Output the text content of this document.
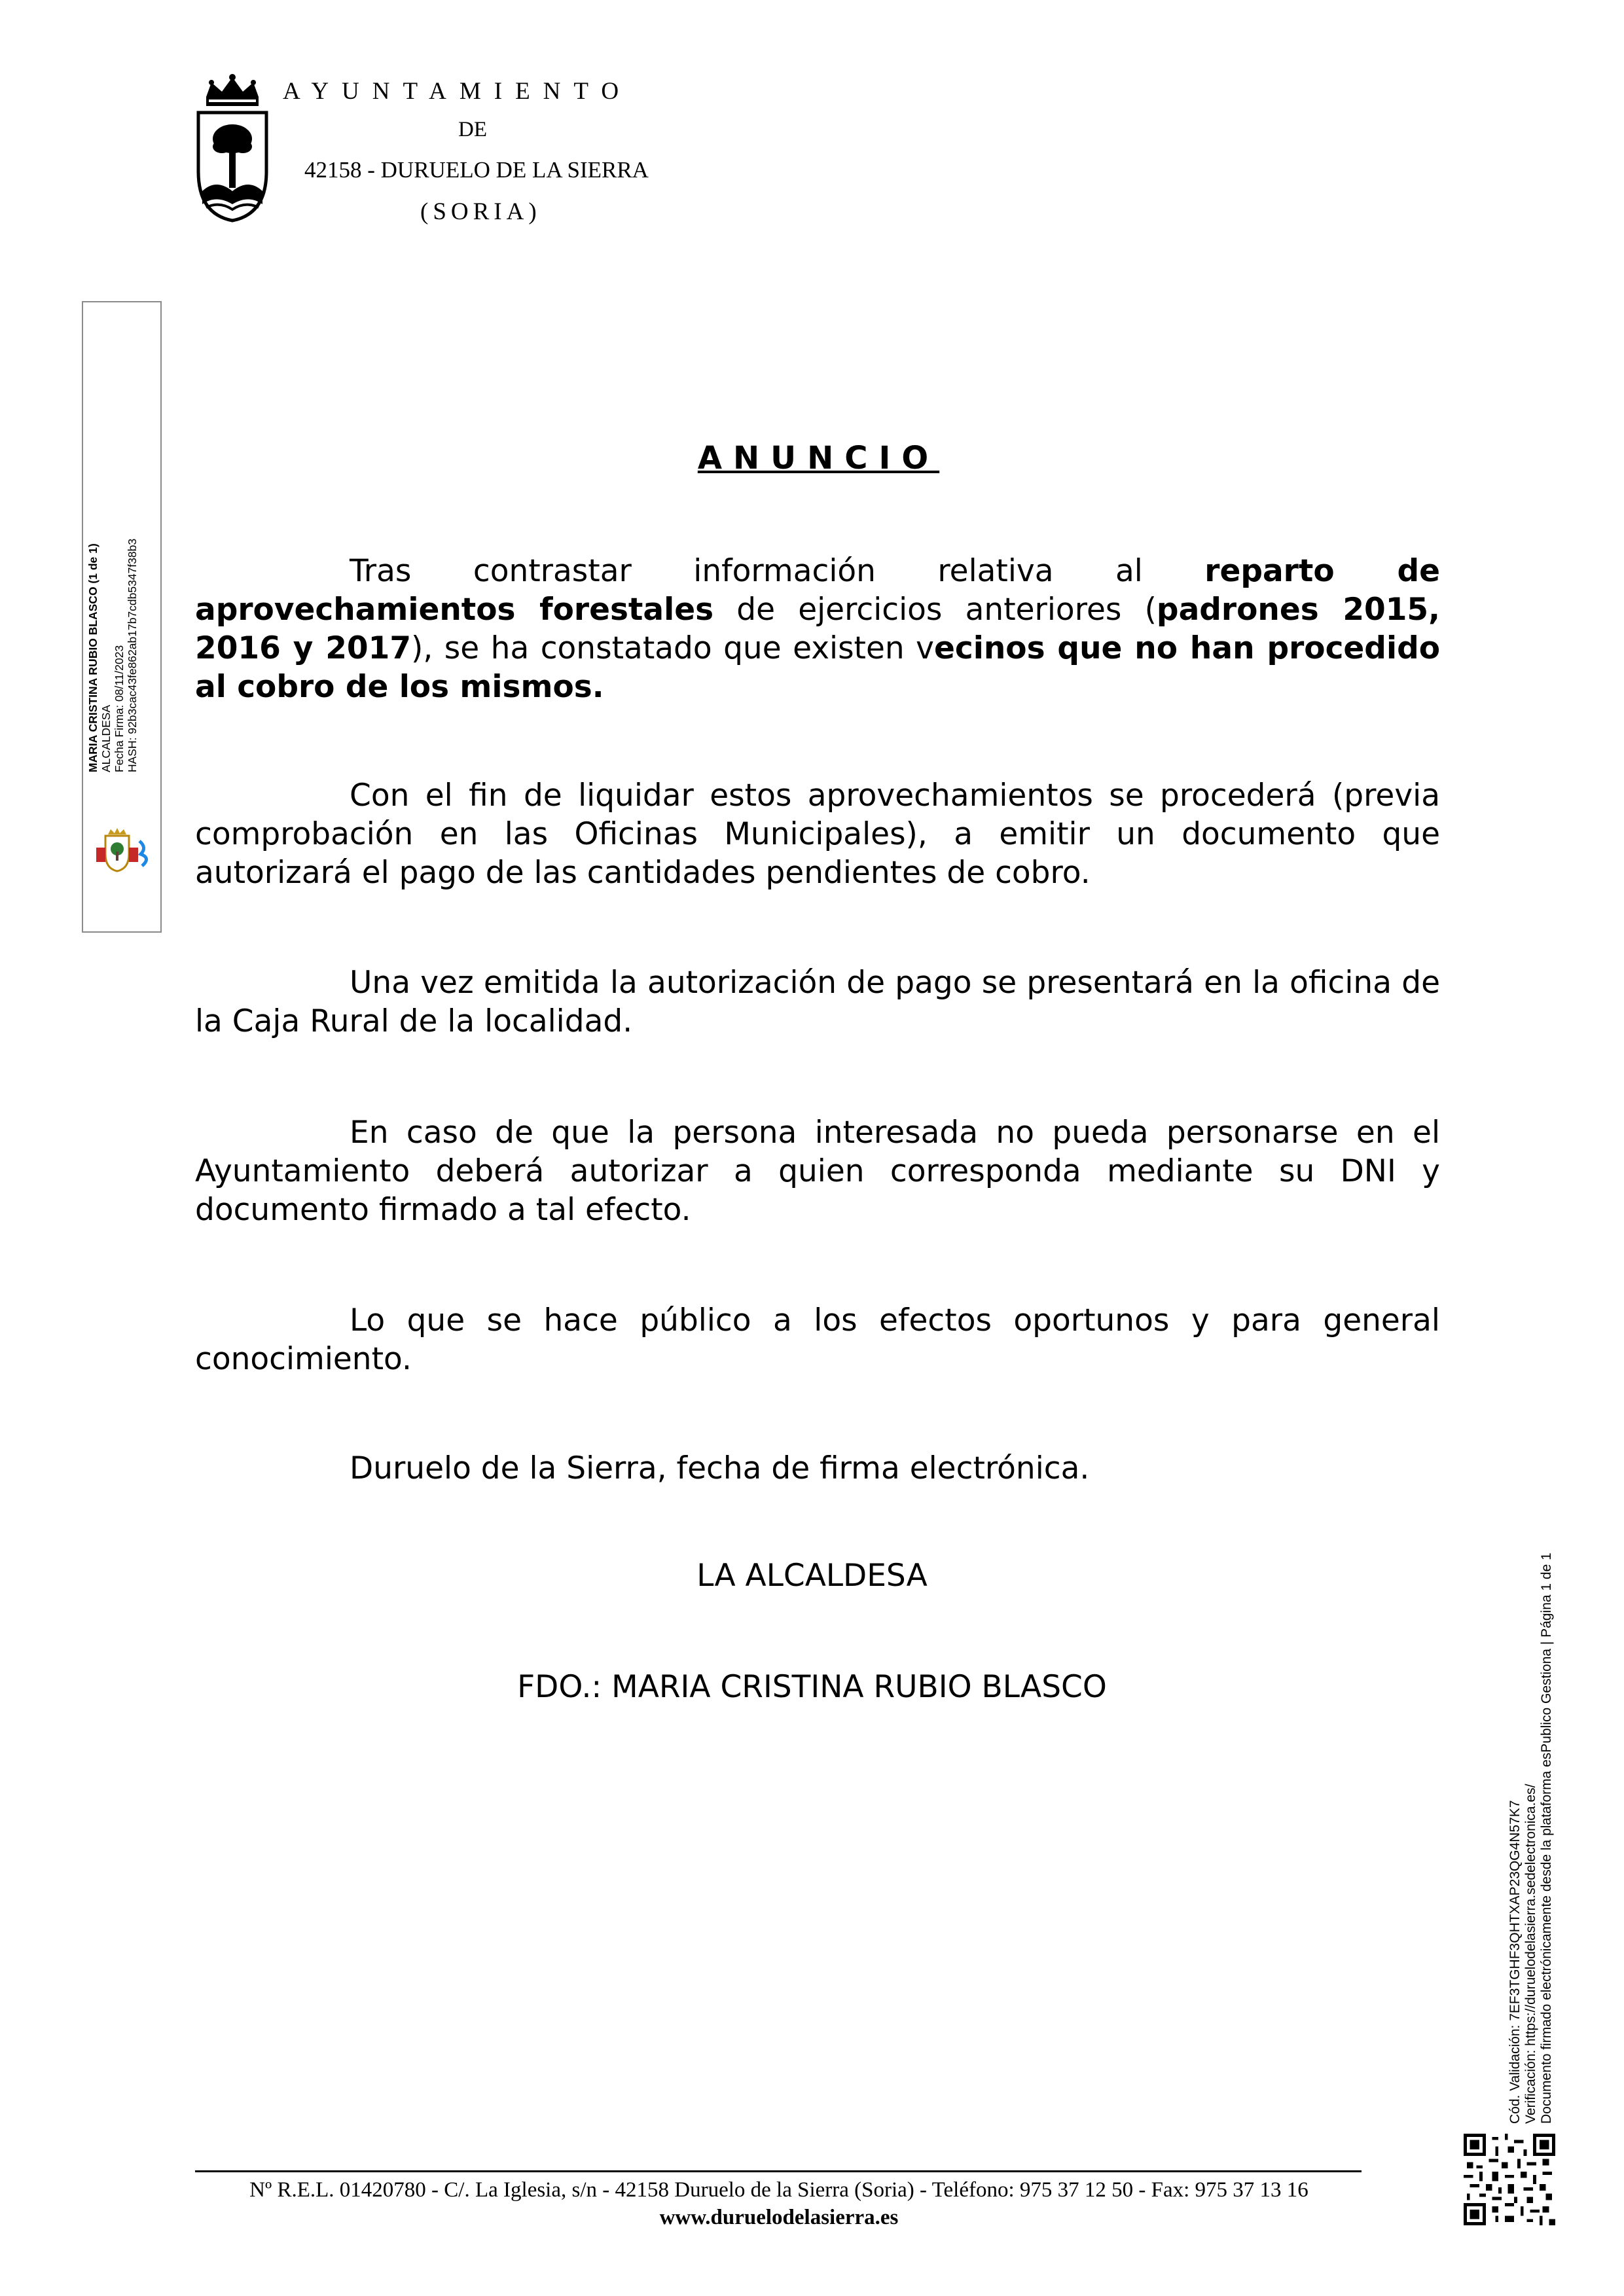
AYUNTAMIENTO
DE
42158 - DURUELO DE LA SIERRA
(SORIA)
MARIA CRISTINA RUBIO BLASCO (1 de 1) ALCALDESA Fecha Firma: 08/11/2023 HASH: 92b3cac43fe862ab17b7cdb5347f38b3
ANUNCIO
Tras contrastar información relativa al reparto de aprovechamientos forestales de ejercicios anteriores (padrones 2015, 2016 y 2017), se ha constatado que existen vecinos que no han procedido al cobro de los mismos.
Con el fin de liquidar estos aprovechamientos se procederá (previa comprobación en las Oficinas Municipales), a emitir un documento que autorizará el pago de las cantidades pendientes de cobro.
Una vez emitida la autorización de pago se presentará en la oficina de la Caja Rural de la localidad.
En caso de que la persona interesada no pueda personarse en el Ayuntamiento deberá autorizar a quien corresponda mediante su DNI y documento firmado a tal efecto.
Lo que se hace público a los efectos oportunos y para general conocimiento.
Duruelo de la Sierra, fecha de firma electrónica.
LA ALCALDESA
FDO.: MARIA CRISTINA RUBIO BLASCO
Cód. Validación: 7EF3TGHF3QHTXAP23QG4N57K7 Verificación: https://duruelodelasierra.sedelectronica.es/ Documento firmado electrónicamente desde la plataforma esPublico Gestiona | Página 1 de 1
Nº R.E.L. 01420780 - C/. La Iglesia, s/n - 42158 Duruelo de la Sierra (Soria) - Teléfono: 975 37 12 50 - Fax: 975 37 13 16
www.duruelodelasierra.es
